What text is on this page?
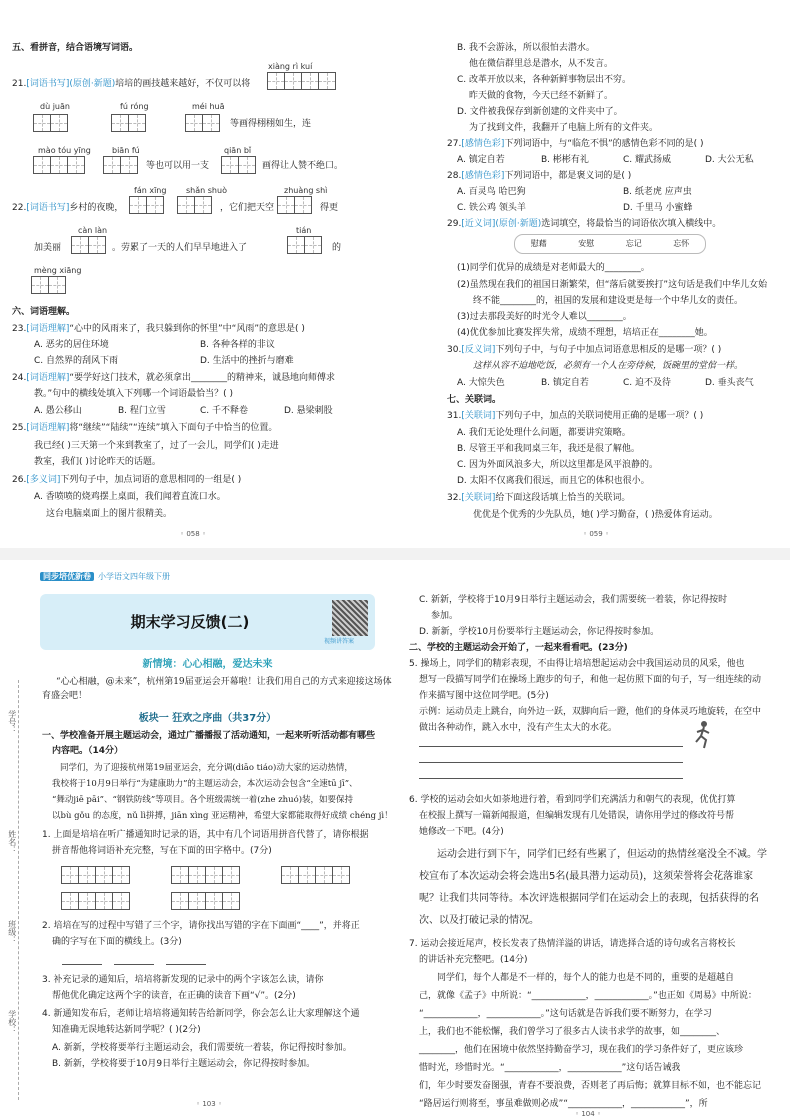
五、看拼音，结合语境写词语。
xiàng rì kuí
21.[词语书写](原创·新题)培培的画技越来越好，不仅可以将
dù juān	fú róng	méi huā
等画得栩栩如生，连
mào tóu yīng	biān fú	qiān bǐ
等也可以用一支	画得让人赞不绝口。
fán xīng shǎn shuò	zhuàng shì
22.[词语书写]乡村的夜晚，	，它们把天空	得更
càn làn	tián
加美丽	。劳累了一天的人们早早地进入了	的
mèng xiāng
六、词语理解。
23.[词语理解]“心中的风雨来了，我只躲到你的怀里”中“风雨”的意思是( )
A. 恶劣的居住环境	B. 各种各样的非议
C. 自然界的刮风下雨	D. 生活中的挫折与磨难
24.[词语理解]“要学好这门技术，就必须拿出________的精神来，诚恳地向师傅求
教。”句中的横线处填入下列哪一个词语最恰当？( )
A. 愚公移山	B. 程门立雪	C. 千不释卷	D. 悬梁刺股
25.[词语理解]将“继续”“陆续”“连续”填入下面句子中恰当的位置。
我已经( )三天第一个来到教室了，过了一会儿，同学们( )走进
教室，我们( )讨论昨天的话题。
26.[多义词]下列句子中，加点词语的意思相同的一组是( )
A. 香喷喷的烧鸡摆上桌面，我们闻着直流口水。
这台电脑桌面上的图片很精美。
◦ 058 ◦
B. 我不会游泳，所以很怕去潜水。
他在微信群里总是潜水，从不发言。
C. 改革开放以来，各种新鲜事物层出不穷。
昨天做的食物，今天已经不新鲜了。
D. 文件被我保存到新创建的文件夹中了。
为了找到文件，我翻开了电脑上所有的文件夹。
27.[感情色彩]下列词语中，与“临危不惧”的感情色彩不同的是( )
A. 镇定自若	B. 彬彬有礼	C. 耀武扬威	D. 大公无私
28.[感情色彩]下列词语中，都是褒义词的是( )
A. 百灵鸟 哈巴狗	B. 纸老虎 应声虫
C. 铁公鸡 领头羊	D. 千里马 小蜜蜂
29.[近义词](原创·新题)选词填空，将最恰当的词语依次填入横线中。
慰藉	安慰	忘记	忘怀
(1)同学们优异的成绩是对老师最大的________。
(2)虽然现在我们的祖国日渐繁荣，但“落后就要挨打”这句话是我们中华儿女始
终不能________的，祖国的发展和建设更是每一个中华儿女的责任。
(3)过去那段美好的时光令人难以________。
(4)优优参加比赛发挥失常，成绩不理想，培培正在________她。
30.[反义词]下列句子中，与句子中加点词语意思相反的是哪一项？( )
这样从容不迫地吃饭，必须有一个人在旁侍候，饭碗里的堂倌一样。
A. 大惊失色	B. 镇定自若	C. 迫不及待	D. 垂头丧气
七、关联词。
31.[关联词]下列句子中，加点的关联词使用正确的是哪一项？( )
A. 我们无论处理什么问题，都要讲究策略。
B. 尽管王平和我同桌三年，我还是很了解他。
C. 因为外面风浪多大，所以这里都是风平浪静的。
D. 太阳不仅离我们很远，而且它的体积也很小。
32.[关联词]给下面这段话填上恰当的关联词。
优优是个优秀的少先队员，她( )学习勤奋，( )热爱体育运动。
◦ 059 ◦
同步培优新卷 小学语文四年级下册
期末学习反馈(二)
视频讲答案
新情境：心心相融，爱达未来
“心心相融，@未来”，杭州第19届亚运会开幕啦！让我们用自己的方式来迎接这场体
育盛会吧！
板块一 狂欢之序曲（共37分）
一、学校准备开展主题运动会，通过广播播报了活动通知，一起来听听活动都有哪些
内容吧。（14分）
同学们，为了迎接杭州第19届亚运会，充分调(diāo tiáo)动大家的运动热情，
我校将于10月9日举行“为建康助力”的主题运动会，本次运动会包含“全速tū jī”、
“舞动jiē pāi”、“钢铁防线”等项目。各个班级需统一着(zhe zhuó)装，如要保持
以bù gǒu 的态度，nǔ lì拼搏，jiān xìng 亚运精神，希望大家都能取得好成绩 chéng jì！
1. 上面是培培在听广播通知时记录的语，其中有几个词语用拼音代替了，请你根据
拼音帮他将词语补充完整，写在下面的田字格中。(7分)
2. 培培在写的过程中写错了三个字，请你找出写错的字在下面画“____”，并将正
确的字写在下面的横线上。(3分)
3. 补充记录的通知后，培培将新发现的记录中的两个字该怎么读，请你
帮他优化确定这两个字的读音，在正确的读音下画“√”。(2分)
4. 新通知发布后，老师让培培将通知转告给新同学，你会怎么让大家理解这个通
知准确无误地转达新同学呢？( )(2分)
A. 新新，学校将要举行主题运动会，我们需要统一着装，你记得按时参加。
B. 新新，学校将要于10月9日举行主题运动会，你记得按时参加。
学号：
姓名：
班级：
学校：
◦ 103 ◦
C. 新新，学校将于10月9日举行主题运动会，我们需要统一着装，你记得按时
参加。
D. 新新，学校10月份要举行主题运动会，你记得按时参加。
二、学校的主题运动会开始了，一起来看看吧。(23分)
5. 操场上，同学们的精彩表现，不由得让培培想起运动会中我国运动员的风采，他也
想写一段描写同学们在操场上跑步的句子，和他一起仿照下面的句子，写一组连续的动
作来描写图中这位同学吧。(5分)
示例：运动员走上跳台，向外边一跃，双脚向后一蹬，他们的身体灵巧地旋转，在空中
做出各种动作，跳入水中，没有产生太大的水花。
6. 学校的运动会如火如荼地进行着，看到同学们充满活力和朝气的表现，优优打算
在校报上撰写一篇新闻报道，但编辑发现有几处错误，请你用学过的修改符号帮
她修改一下吧。(4分)
运动会进行到下午，同学们已经有些累了，但运动的热情丝毫没全不减。学
校宣布了本次运动会将会选出5名(最具潜力运动员)，这须荣誉将会花落谁家
呢？让我们共同等待。本次评选根据同学们在运动会上的表现，包括获得的名
次、以及打破记录的情况。
7. 运动会接近尾声，校长发表了热情洋溢的讲话，请选择合适的诗句或名言将校长
的讲话补充完整吧。(14分)
同学们，每个人都是不一样的，每个人的能力也是不同的，重要的是超越自
己，就像《孟子》中所说：“____________，____________。”也正如《周易》中所说：
“____________，____________。”这句话就是告诉我们要不断努力，在学习
上，我们也不能松懈，我们曾学习了很多古人读书求学的故事，如________、
________，他们在困境中依然坚持勤奋学习，现在我们的学习条件好了，更应该珍
惜时光，珍惜时光。“____________，____________”这句话告诫我
们，年少时要发奋图强，青春不要浪费，否则老了再后悔；就算目标不如，也不能忘记
“路居运行则将至，事虽难做则必成”“____________，____________”，所
◦ 104 ◦
